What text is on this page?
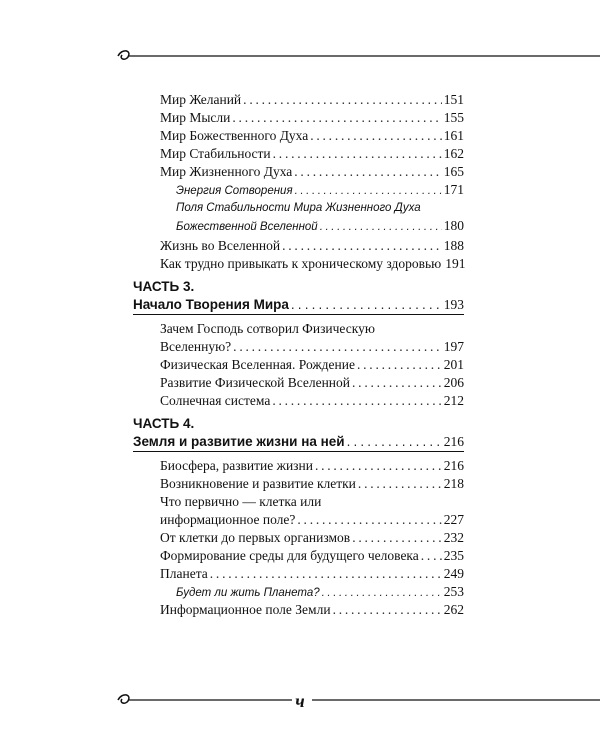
Мир Желаний . . .	151
Мир Мысли . . .	155
Мир Божественного Духа . . .	161
Мир Стабильности . . .	162
Мир Жизненного Духа . . .	165
Энергия Сотворения . . .	171
Поля Стабильности Мира Жизненного Духа
Божественной Вселенной . . .	180
Жизнь во Вселенной . . .	188
Как трудно привыкать к хроническому здоровью 191
ЧАСТЬ 3.
Начало Творения Мира . . .	193
Зачем Господь сотворил Физическую
Вселенную? . . .	197
Физическая Вселенная. Рождение . . .	201
Развитие Физической Вселенной . . .	206
Солнечная система . . .	212
ЧАСТЬ 4.
Земля и развитие жизни на ней . . .	216
Биосфера, развитие жизни . . .	216
Возникновение и развитие клетки . . .	218
Что первично — клетка или
информационное поле? . . .	227
От клетки до первых организмов . . .	232
Формирование среды для будущего человека . . . 235
Планета . . .	249
Будет ли жить Планета? . . .	253
Информационное поле Земли . . .	262
ч
